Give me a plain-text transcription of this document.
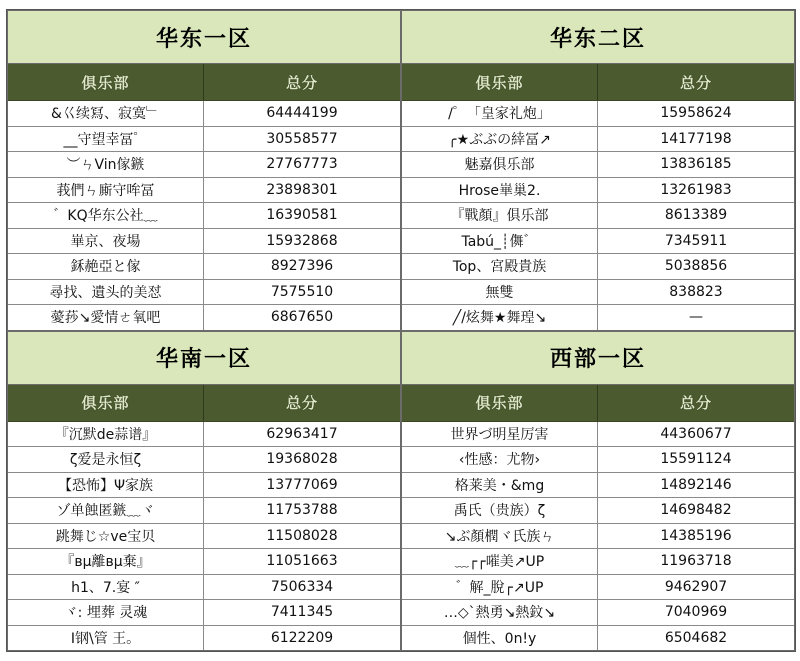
华东一区
俱乐部	总分
&巜续冩、寂寞﹂	64444199
__守望幸冨゜	30558577
︶ㄣVin傢鏃	27767773
莪們ㄣ廝守哞冨	23898301
゛KQ华东公社﹏	16390581
崋京、夜場	15932868
鉌赩亞と傢	8927396
尋找、遺头的美怼	7575510
薆莏↘愛情ㄜ氧吧	6867650
华东二区
俱乐部	总分
/゜「皇家礼炮」	15958624
╭★ぶぶの緈冨↗	14177198
魅嘉俱乐部	13836185
Hrose崋巢2.	13261983
『戰顏』俱乐部	8613389
Tabú_┊儛゛	7345911
Top、宮殿貴族	5038856
無雙	838823
╱/炫舞★舞瑝↘	—
华南一区
俱乐部	总分
『沉默de蒜谱』	62963417
ζ爱是永恒ζ	19368028
【恐怖】Ψ家族	13777069
ゾ单蝕匿鏃﹏ヾ	11753788
跳舞じ☆ve宝贝	11508028
『вμ離вμ棄』	11051663
h1、7.宴 ″	7506334
ヾ: 埋葬 灵魂	7411345
I钢\管 王。	6122209
西部一区
俱乐部	总分
世界づ明星厉害	44360677
‹性感：尤物›	15591124
格莱美・&mg	14892146
禹氏（贵族）ζ	14698482
↘ぶ顏橍ヾ氏族ㄣ	14385196
﹏┌┌嗺美↗UP	11963718
゛解_脫┌↗UP	9462907
…◇`熱勇↘熱鈫↘	7040969
個性、0n!y	6504682
